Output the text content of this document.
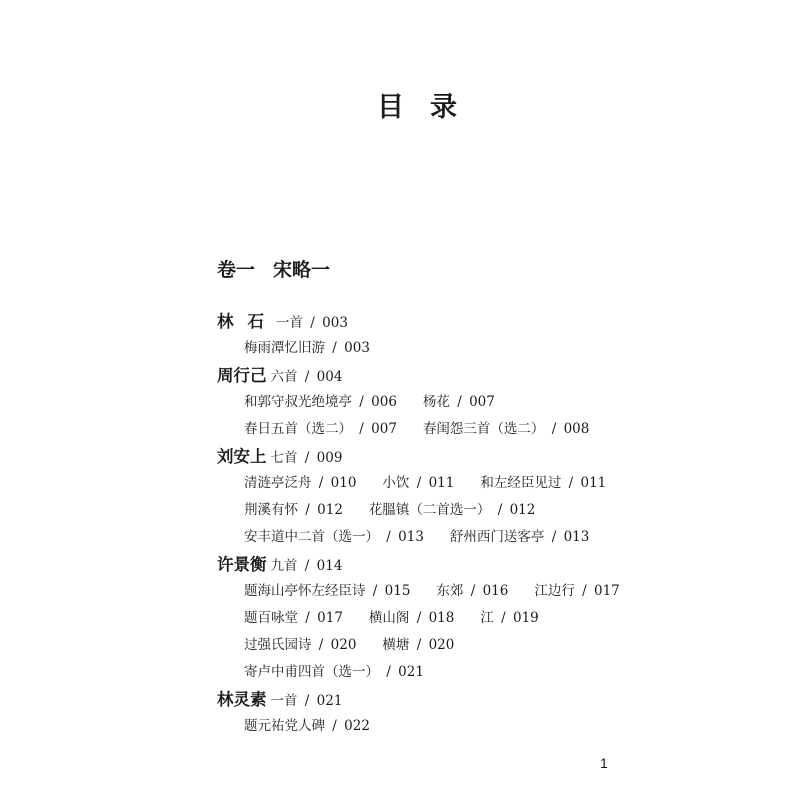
目录
卷一 宋略一
林石一首 / 003
梅雨潭忆旧游 / 003
周行己 六首 / 004
和郭守叔光绝境亭 / 006 杨花 / 007
春日五首（选二） / 007 春闺怨三首（选二） / 008
刘安上 七首 / 009
清涟亭泛舟 / 010 小饮 / 011 和左经臣见过 / 011
荆溪有怀 / 012 花膃镇（二首选一） / 012
安丰道中二首（选一） / 013 舒州西门送客亭 / 013
许景衡 九首 / 014
题海山亭怀左经臣诗 / 015 东郊 / 016 江边行 / 017
题百咏堂 / 017 横山阁 / 018 江 / 019
过强氏园诗 / 020 横塘 / 020
寄卢中甫四首（选一） / 021
林灵素 一首 / 021
题元祐党人碑 / 022
1
